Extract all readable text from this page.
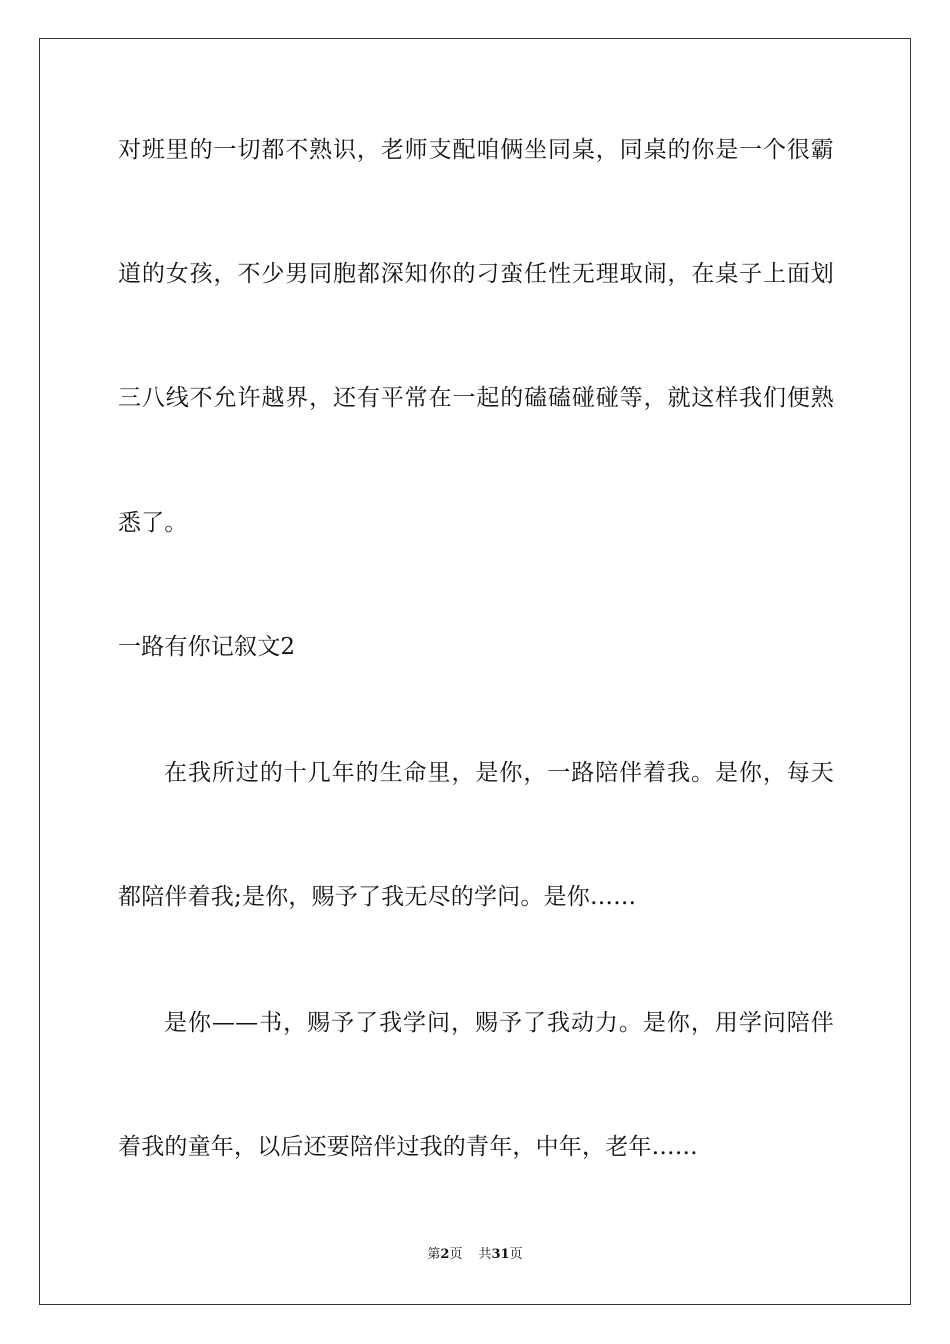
对班里的一切都不熟识，老师支配咱俩坐同桌，同桌的你是一个很霸
道的女孩，不少男同胞都深知你的刁蛮任性无理取闹，在桌子上面划
三八线不允许越界，还有平常在一起的磕磕碰碰等，就这样我们便熟
悉了。
一路有你记叙文2
在我所过的十几年的生命里，是你，一路陪伴着我。是你，每天
都陪伴着我;是你，赐予了我无尽的学问。是你……
是你——书，赐予了我学问，赐予了我动力。是你，用学问陪伴
着我的童年，以后还要陪伴过我的青年，中年，老年……
第2页 共31页
